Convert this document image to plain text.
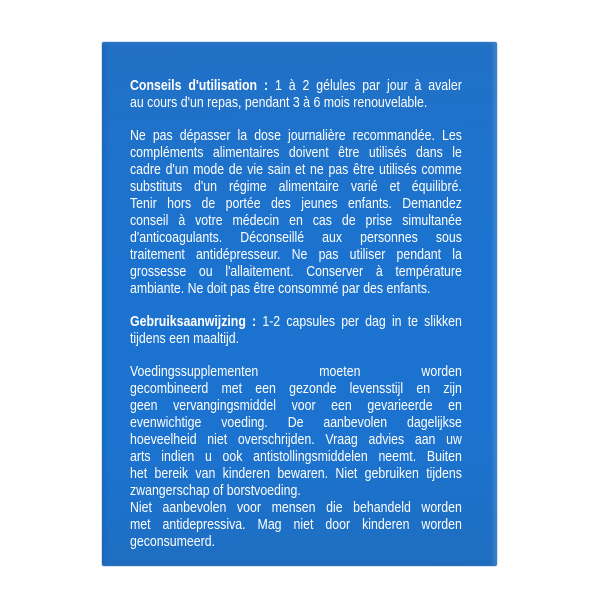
Conseils d'utilisation : 1 à 2 gélules par jour à avaler
au cours d'un repas, pendant 3 à 6 mois renouvelable.
Ne pas dépasser la dose journalière recommandée. Les
compléments alimentaires doivent être utilisés dans le
cadre d'un mode de vie sain et ne pas être utilisés comme
substituts d'un régime alimentaire varié et équilibré.
Tenir hors de portée des jeunes enfants. Demandez
conseil à votre médecin en cas de prise simultanée
d'anticoagulants. Déconseillé aux personnes sous
traitement antidépresseur. Ne pas utiliser pendant la
grossesse ou l'allaitement. Conserver à température
ambiante. Ne doit pas être consommé par des enfants.
Gebruiksaanwijzing : 1-2 capsules per dag in te slikken
tijdens een maaltijd.
Voedingssupplementen moeten worden
gecombineerd met een gezonde levensstijl en zijn
geen vervangingsmiddel voor een gevarieerde en
evenwichtige voeding. De aanbevolen dagelijkse
hoeveelheid niet overschrijden. Vraag advies aan uw
arts indien u ook antistollingsmiddelen neemt. Buiten
het bereik van kinderen bewaren. Niet gebruiken tijdens
zwangerschap of borstvoeding.
Niet aanbevolen voor mensen die behandeld worden
met antidepressiva. Mag niet door kinderen worden
geconsumeerd.
